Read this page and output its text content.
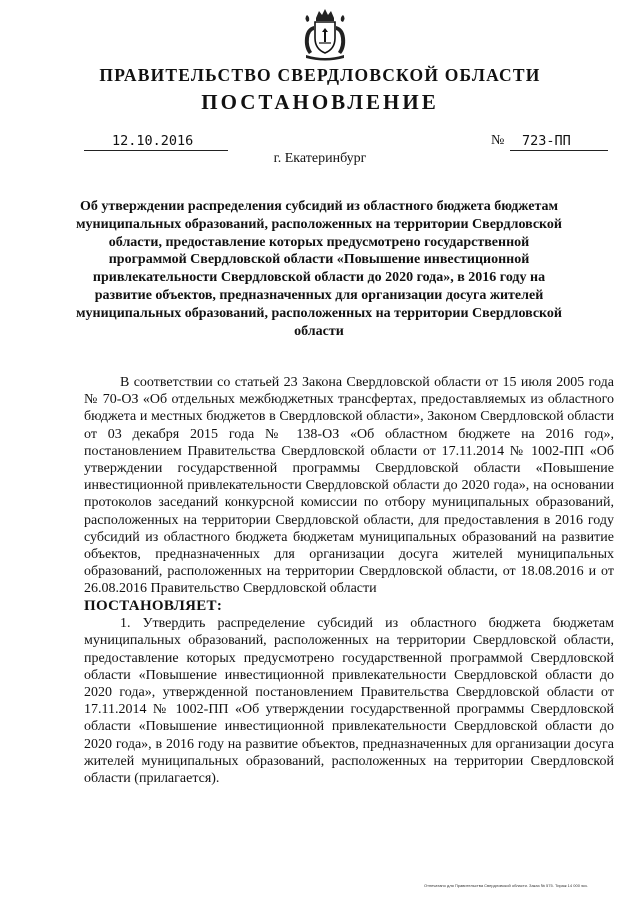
ПРАВИТЕЛЬСТВО СВЕРДЛОВСКОЙ ОБЛАСТИ
ПОСТАНОВЛЕНИЕ
12.10.2016	№	723-ПП
г. Екатеринбург
Об утверждении распределения субсидий из областного бюджета бюджетам муниципальных образований, расположенных на территории Свердловской области, предоставление которых предусмотрено государственной программой Свердловской области «Повышение инвестиционной привлекательности Свердловской области до 2020 года», в 2016 году на развитие объектов, предназначенных для организации досуга жителей муниципальных образований, расположенных на территории Свердловской области

В соответствии со статьей 23 Закона Свердловской области от 15 июля 2005 года № 70-ОЗ «Об отдельных межбюджетных трансфертах, предоставляемых из областного бюджета и местных бюджетов в Свердловской области», Законом Свердловской области от 03 декабря 2015 года № 138-ОЗ «Об областном бюджете на 2016 год», постановлением Правительства Свердловской области от 17.11.2014 № 1002-ПП «Об утверждении государственной программы Свердловской области «Повышение инвестиционной привлекательности Свердловской области до 2020 года», на основании протоколов заседаний конкурсной комиссии по отбору муниципальных образований, расположенных на территории Свердловской области, для предоставления в 2016 году субсидий из областного бюджета бюджетам муниципальных образований на развитие объектов, предназначенных для организации досуга жителей муниципальных образований, расположенных на территории Свердловской области, от 18.08.2016 и от 26.08.2016 Правительство Свердловской области

ПОСТАНОВЛЯЕТ:

1. Утвердить распределение субсидий из областного бюджета бюджетам муниципальных образований, расположенных на территории Свердловской области, предоставление которых предусмотрено государственной программой Свердловской области «Повышение инвестиционной привлекательности Свердловской области до 2020 года», утвержденной постановлением Правительства Свердловской области от 17.11.2014 № 1002-ПП «Об утверждении государственной программы Свердловской области «Повышение инвестиционной привлекательности Свердловской области до 2020 года», в 2016 году на развитие объектов, предназначенных для организации досуга жителей муниципальных образований, расположенных на территории Свердловской области (прилагается).

Отпечатано для Правительства Свердловской области. Заказ № 575. Тираж 14 000 экз.
